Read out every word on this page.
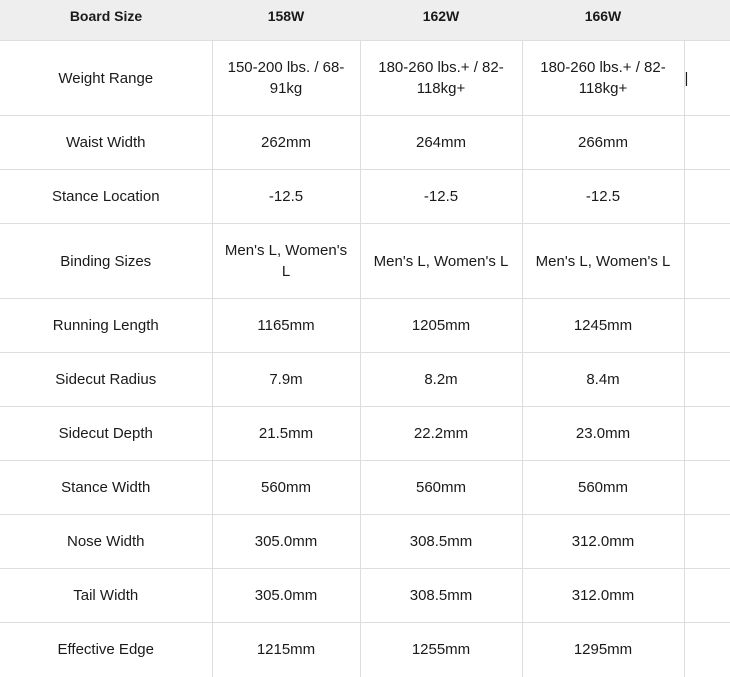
Board Size	158W	162W	166W	
Weight Range	150-200 lbs. / 68-91kg	180-260 lbs.+ / 82-118kg+	180-260 lbs.+ / 82-118kg+	|
Waist Width	262mm	264mm	266mm	
Stance Location	-12.5	-12.5	-12.5	
Binding Sizes	Men's L, Women's L	Men's L, Women's L	Men's L, Women's L	
Running Length	1165mm	1205mm	1245mm	
Sidecut Radius	7.9m	8.2m	8.4m	
Sidecut Depth	21.5mm	22.2mm	23.0mm	
Stance Width	560mm	560mm	560mm	
Nose Width	305.0mm	308.5mm	312.0mm	
Tail Width	305.0mm	308.5mm	312.0mm	
Effective Edge	1215mm	1255mm	1295mm	
